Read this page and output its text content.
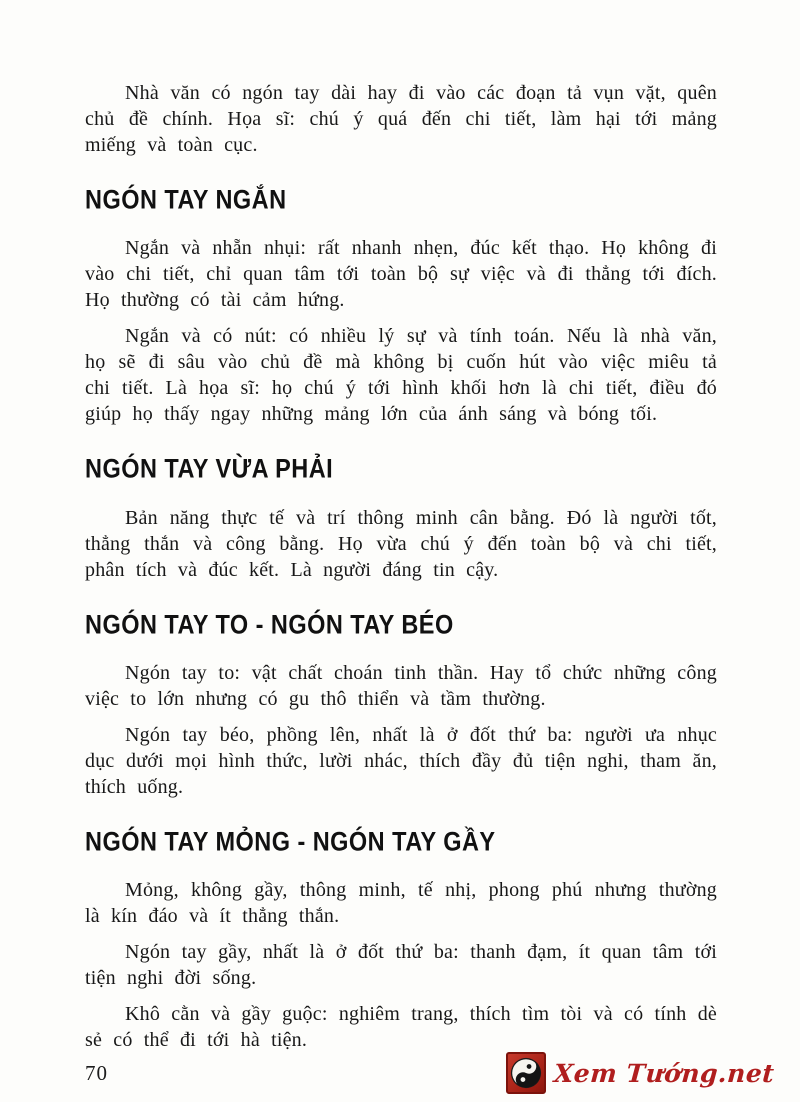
Nhà văn có ngón tay dài hay đi vào các đoạn tả vụn vặt, quên chủ đề chính. Họa sĩ: chú ý quá đến chi tiết, làm hại tới mảng miếng và toàn cục.

NGÓN TAY NGẮN

Ngắn và nhẵn nhụi: rất nhanh nhẹn, đúc kết thạo. Họ không đi vào chi tiết, chỉ quan tâm tới toàn bộ sự việc và đi thẳng tới đích. Họ thường có tài cảm hứng.

Ngắn và có nút: có nhiều lý sự và tính toán. Nếu là nhà văn, họ sẽ đi sâu vào chủ đề mà không bị cuốn hút vào việc miêu tả chi tiết. Là họa sĩ: họ chú ý tới hình khối hơn là chi tiết, điều đó giúp họ thấy ngay những mảng lớn của ánh sáng và bóng tối.

NGÓN TAY VỪA PHẢI

Bản năng thực tế và trí thông minh cân bằng. Đó là người tốt, thẳng thắn và công bằng. Họ vừa chú ý đến toàn bộ và chi tiết, phân tích và đúc kết. Là người đáng tin cậy.

NGÓN TAY TO - NGÓN TAY BÉO

Ngón tay to: vật chất choán tinh thần. Hay tổ chức những công việc to lớn nhưng có gu thô thiển và tầm thường.

Ngón tay béo, phồng lên, nhất là ở đốt thứ ba: người ưa nhục dục dưới mọi hình thức, lười nhác, thích đầy đủ tiện nghi, tham ăn, thích uống.

NGÓN TAY MỎNG - NGÓN TAY GẦY

Mỏng, không gầy, thông minh, tế nhị, phong phú nhưng thường là kín đáo và ít thẳng thắn.

Ngón tay gầy, nhất là ở đốt thứ ba: thanh đạm, ít quan tâm tới tiện nghi đời sống.

Khô cằn và gầy guộc: nghiêm trang, thích tìm tòi và có tính dè sẻ có thể đi tới hà tiện.

70	Xem Tướng.net
